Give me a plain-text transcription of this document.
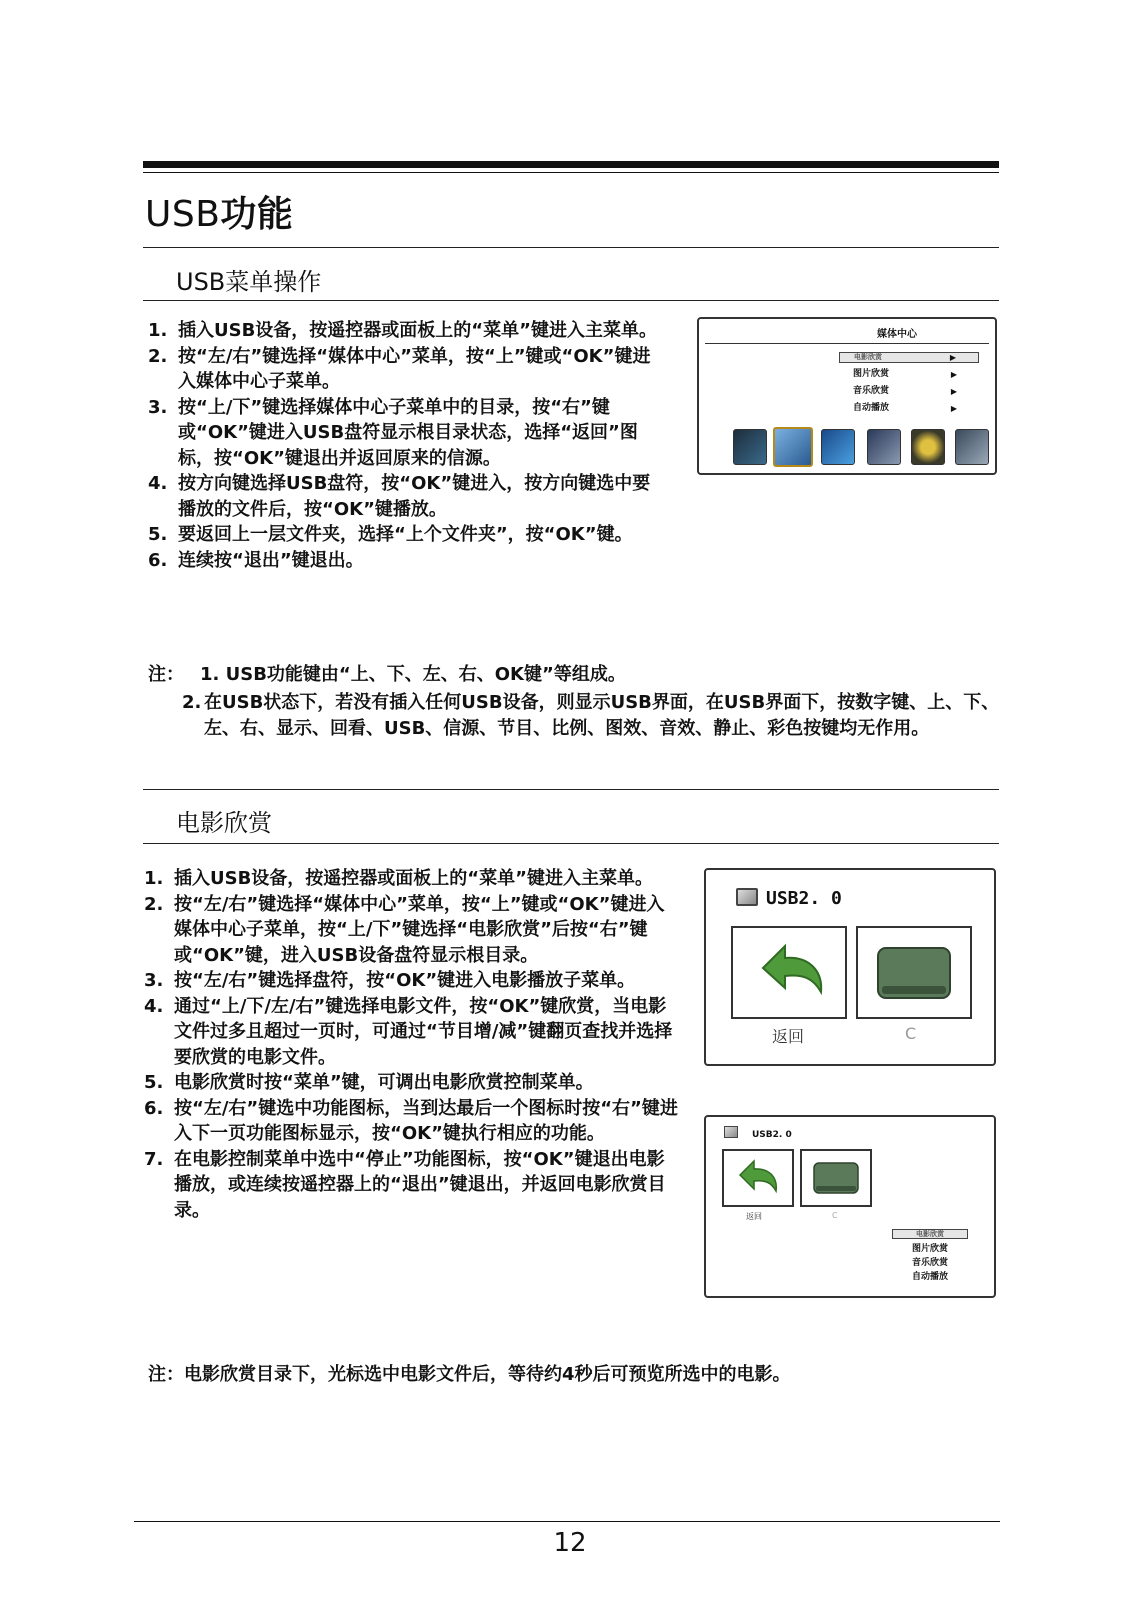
USB功能
USB菜单操作
1. 插入USB设备，按遥控器或面板上的“菜单”键进入主菜单。
2. 按“左/右”键选择“媒体中心”菜单，按“上”键或“OK”键进入媒体中心子菜单。
3. 按“上/下”键选择媒体中心子菜单中的目录，按“右”键或“OK”键进入USB盘符显示根目录状态，选择“返回”图标，按“OK”键退出并返回原来的信源。
4. 按方向键选择USB盘符，按“OK”键进入，按方向键选中要播放的文件后，按“OK”键播放。
5. 要返回上一层文件夹，选择“上个文件夹”，按“OK”键。
6. 连续按“退出”键退出。
媒体中心
电影欣赏	▶
图片欣赏	▶
音乐欣赏	▶
自动播放	▶
注： 1. USB功能键由“上、下、左、右、OK键”等组成。
2. 在USB状态下，若没有插入任何USB设备，则显示USB界面，在USB界面下，按数字键、上、下、左、右、显示、回看、USB、信源、节目、比例、图效、音效、静止、彩色按键均无作用。
电影欣赏
1. 插入USB设备，按遥控器或面板上的“菜单”键进入主菜单。
2. 按“左/右”键选择“媒体中心”菜单，按“上”键或“OK”键进入媒体中心子菜单，按“上/下”键选择“电影欣赏”后按“右”键或“OK”键，进入USB设备盘符显示根目录。
3. 按“左/右”键选择盘符，按“OK”键进入电影播放子菜单。
4. 通过“上/下/左/右”键选择电影文件，按“OK”键欣赏，当电影文件过多且超过一页时，可通过“节目增/减”键翻页查找并选择要欣赏的电影文件。
5. 电影欣赏时按“菜单”键，可调出电影欣赏控制菜单。
6. 按“左/右”键选中功能图标，当到达最后一个图标时按“右”键进入下一页功能图标显示，按“OK”键执行相应的功能。
7. 在电影控制菜单中选中“停止”功能图标，按“OK”键退出电影播放，或连续按遥控器上的“退出”键退出，并返回电影欣赏目录。
USB2. 0
返回	C
USB2. 0
返回	C
电影欣赏
图片欣赏
音乐欣赏
自动播放
注：电影欣赏目录下，光标选中电影文件后，等待约4秒后可预览所选中的电影。
12
